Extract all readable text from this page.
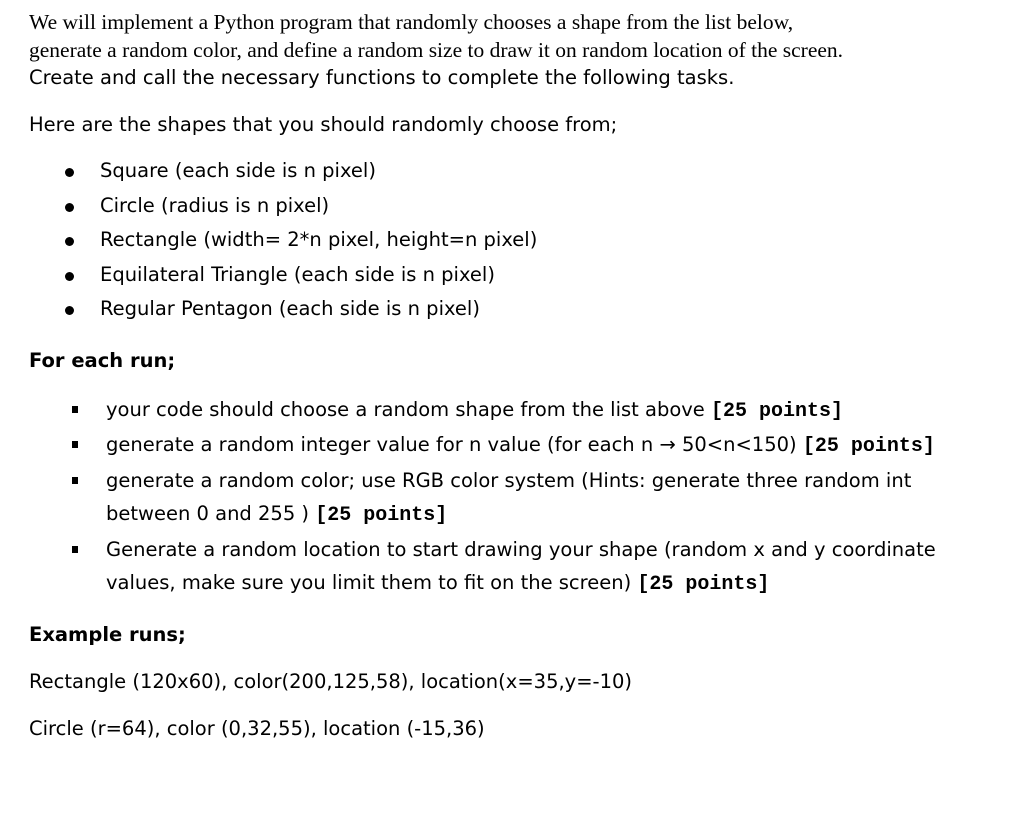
We will implement a Python program that randomly chooses a shape from the list below,

generate a random color, and define a random size to draw it on random location of the screen.

Create and call the necessary functions to complete the following tasks.

Here are the shapes that you should randomly choose from;

Square (each side is n pixel)
Circle (radius is n pixel)
Rectangle (width= 2*n pixel, height=n pixel)
Equilateral Triangle (each side is n pixel)
Regular Pentagon (each side is n pixel)

For each run;

your code should choose a random shape from the list above [25 points]
generate a random integer value for n value (for each n → 50<n<150) [25 points]
generate a random color; use RGB color system (Hints: generate three random int between 0 and 255 ) [25 points]
Generate a random location to start drawing your shape (random x and y coordinate values, make sure you limit them to fit on the screen) [25 points]

Example runs;

Rectangle (120x60), color(200,125,58), location(x=35,y=-10)

Circle (r=64), color (0,32,55), location (-15,36)
